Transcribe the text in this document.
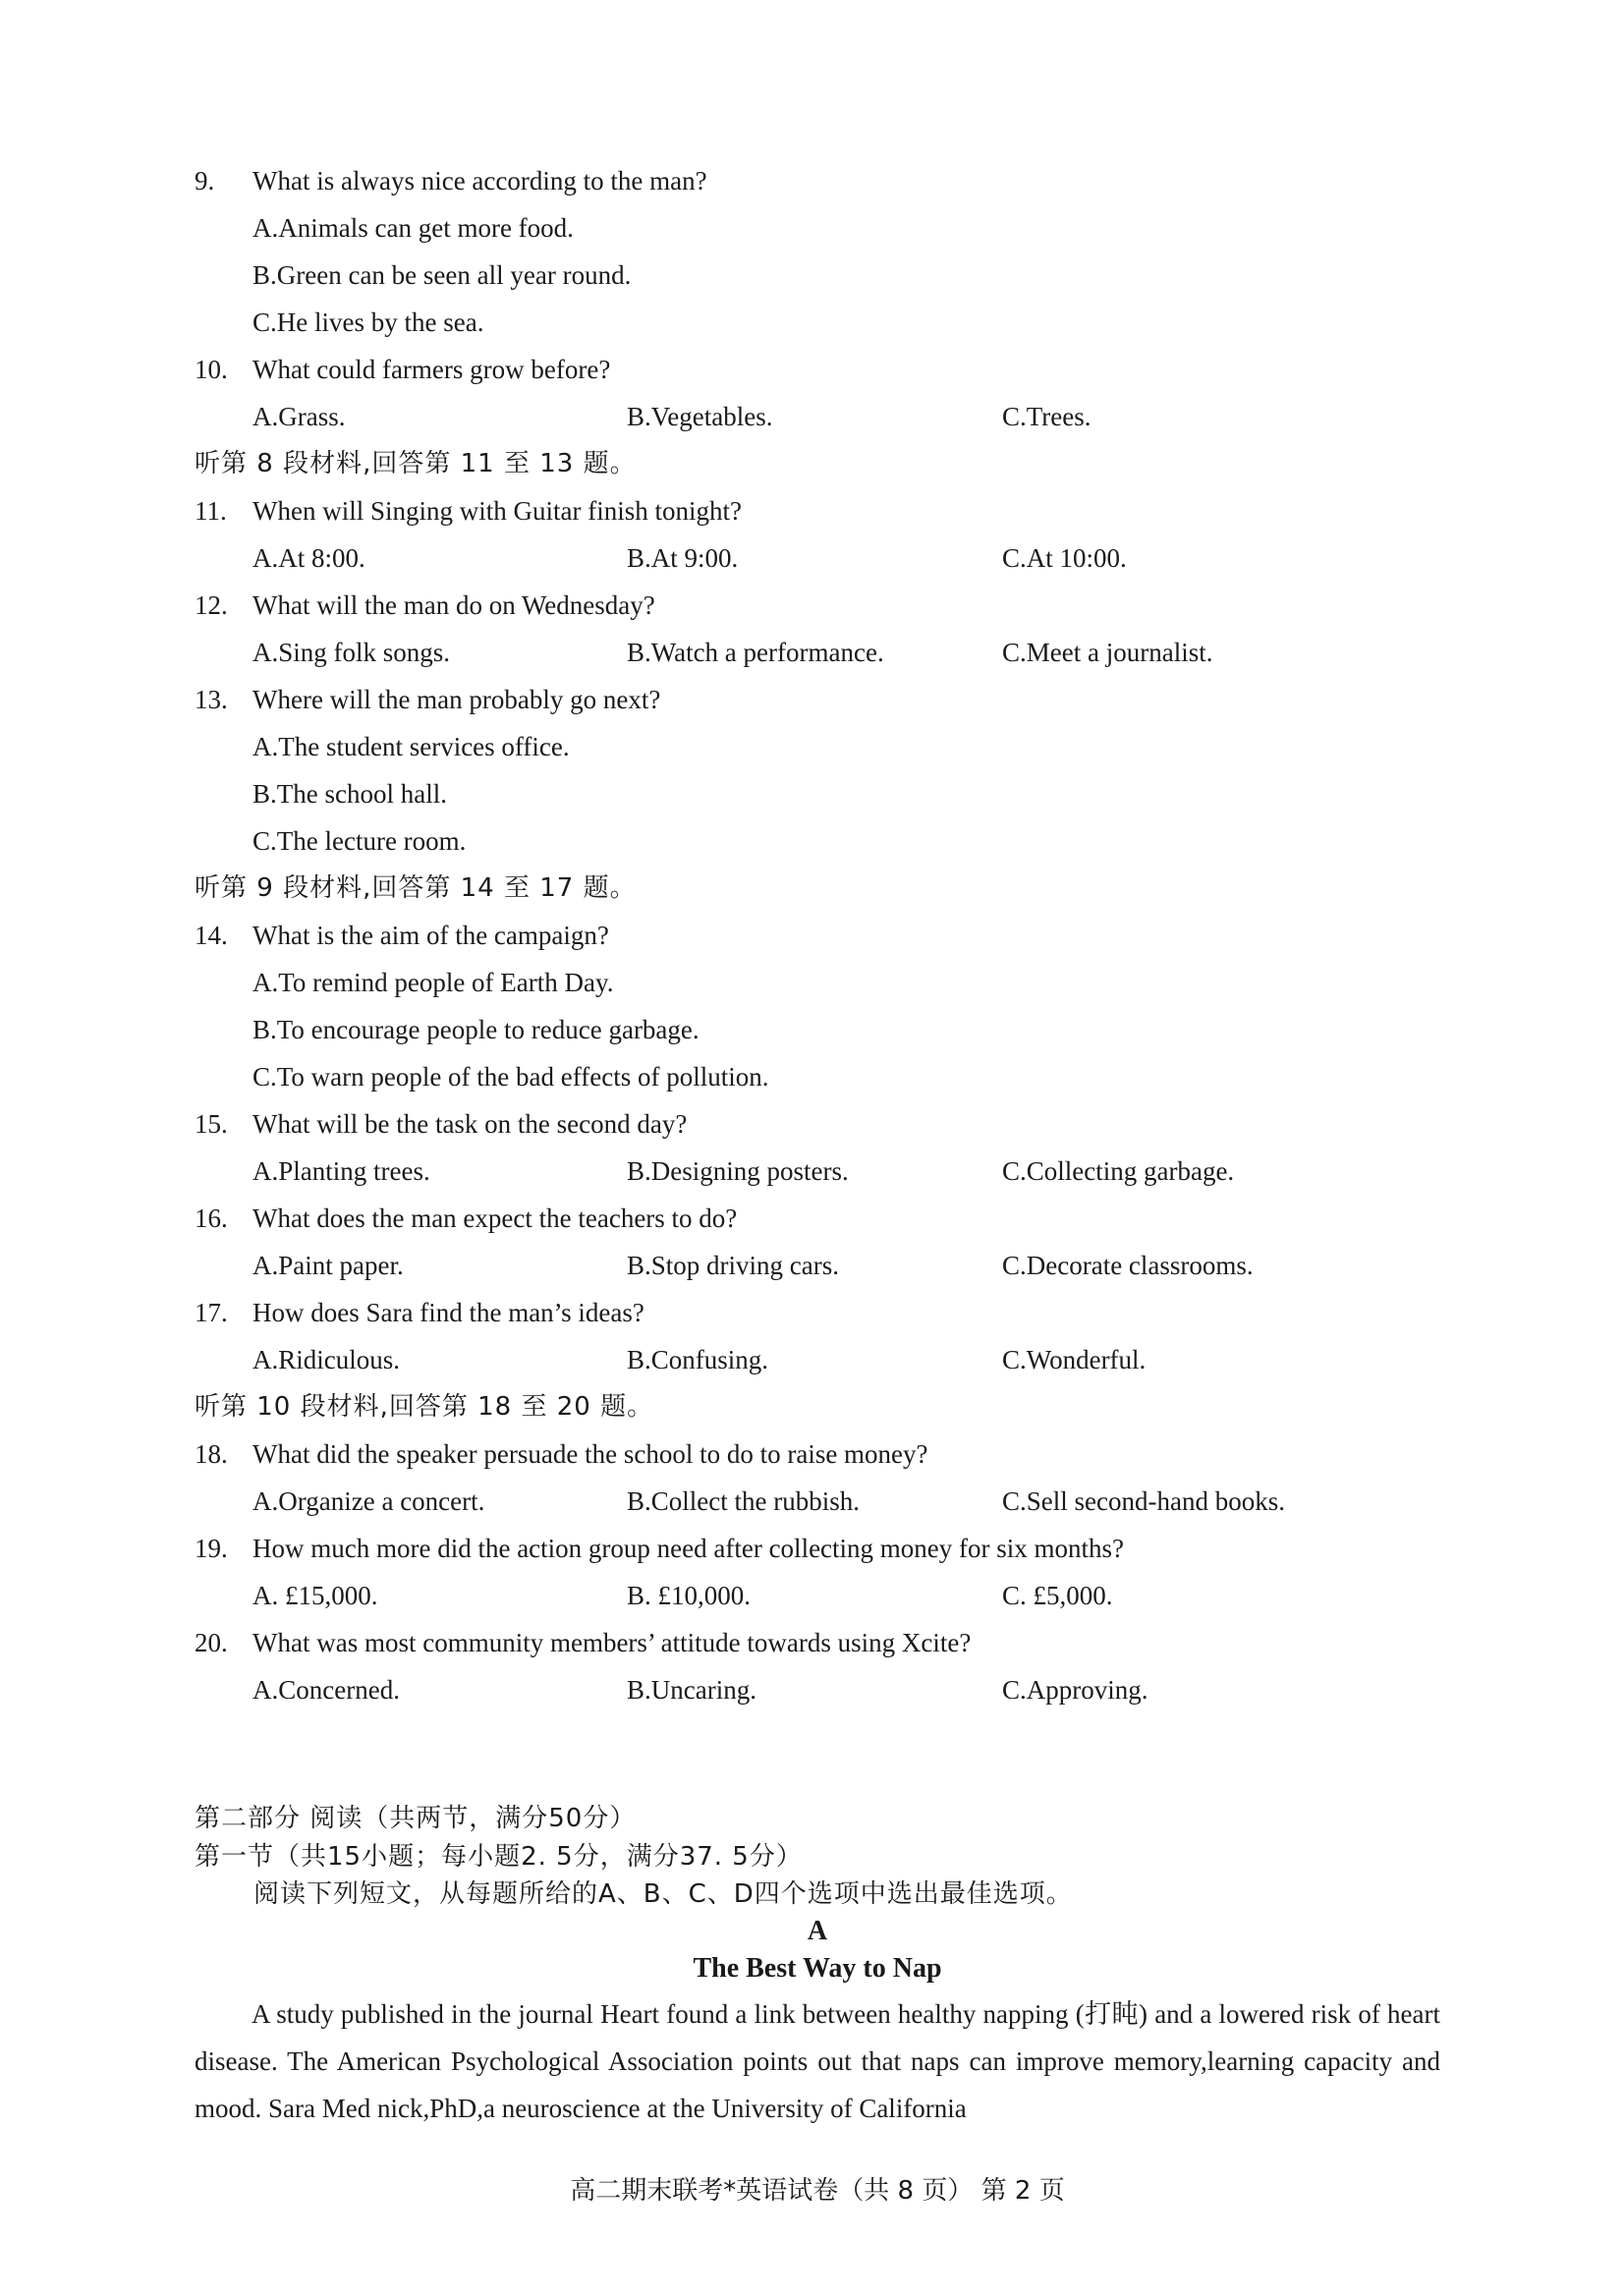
9. What is always nice according to the man?
A.Animals can get more food.
B.Green can be seen all year round.
C.He lives by the sea.
10. What could farmers grow before?
A.Grass.	B.Vegetables.	C.Trees.
听第 8 段材料,回答第 11 至 13 题。
11. When will Singing with Guitar finish tonight?
A.At 8:00.	B.At 9:00.	C.At 10:00.
12. What will the man do on Wednesday?
A.Sing folk songs.	B.Watch a performance.	C.Meet a journalist.
13. Where will the man probably go next?
A.The student services office.
B.The school hall.
C.The lecture room.
听第 9 段材料,回答第 14 至 17 题。
14. What is the aim of the campaign?
A.To remind people of Earth Day.
B.To encourage people to reduce garbage.
C.To warn people of the bad effects of pollution.
15. What will be the task on the second day?
A.Planting trees.	B.Designing posters.	C.Collecting garbage.
16. What does the man expect the teachers to do?
A.Paint paper.	B.Stop driving cars.	C.Decorate classrooms.
17. How does Sara find the man’s ideas?
A.Ridiculous.	B.Confusing.	C.Wonderful.
听第 10 段材料,回答第 18 至 20 题。
18. What did the speaker persuade the school to do to raise money?
A.Organize a concert.	B.Collect the rubbish.	C.Sell second-hand books.
19. How much more did the action group need after collecting money for six months?
A. £15,000.	B. £10,000.	C. £5,000.
20. What was most community members’ attitude towards using Xcite?
A.Concerned.	B.Uncaring.	C.Approving.
第二部分 阅读（共两节，满分50分）
第一节（共15小题；每小题2. 5分，满分37. 5分）
阅读下列短文，从每题所给的A、B、C、D四个选项中选出最佳选项。
A
The Best Way to Nap
A study published in the journal Heart found a link between healthy napping (打盹) and a lowered risk of heart disease. The American Psychological Association points out that naps can improve memory,learning capacity and mood. Sara Med nick,PhD,a neuroscience at the University of California
高二期末联考*英语试卷（共 8 页） 第 2 页
